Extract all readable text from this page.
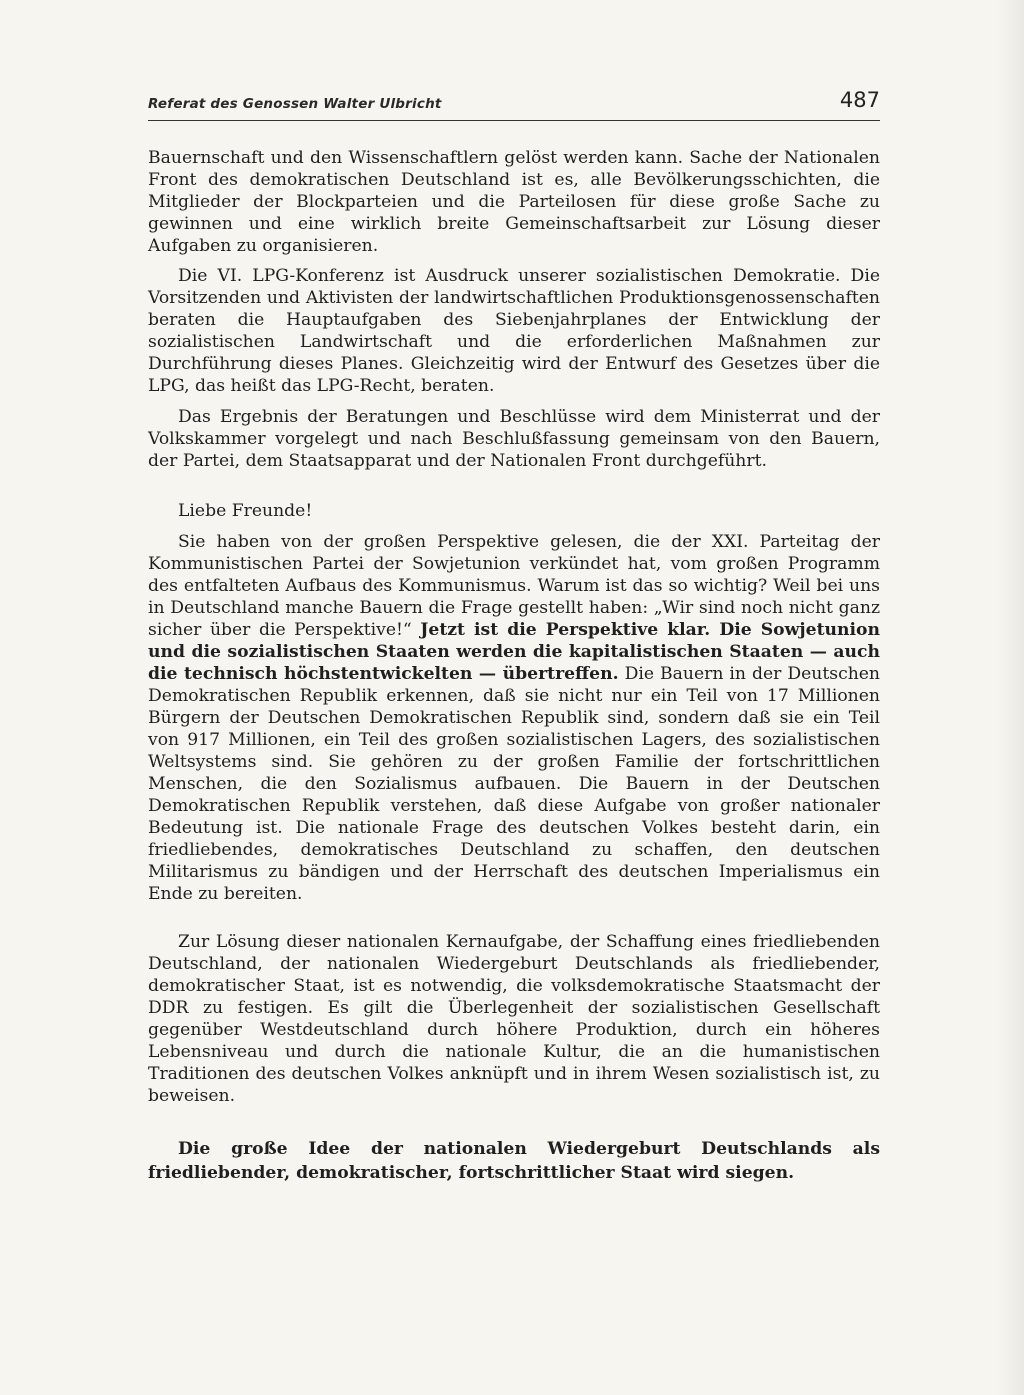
Referat des Genossen Walter Ulbricht	487

Bauernschaft und den Wissenschaftlern gelöst werden kann. Sache der Nationalen Front des demokratischen Deutschland ist es, alle Bevölkerungsschichten, die Mitglieder der Blockparteien und die Parteilosen für diese große Sache zu gewinnen und eine wirklich breite Gemeinschaftsarbeit zur Lösung dieser Aufgaben zu organisieren.

Die VI. LPG-Konferenz ist Ausdruck unserer sozialistischen Demokratie. Die Vorsitzenden und Aktivisten der landwirtschaftlichen Produktionsgenossenschaften beraten die Hauptaufgaben des Siebenjahrplanes der Entwicklung der sozialistischen Landwirtschaft und die erforderlichen Maßnahmen zur Durchführung dieses Planes. Gleichzeitig wird der Entwurf des Gesetzes über die LPG, das heißt das LPG-Recht, beraten.

Das Ergebnis der Beratungen und Beschlüsse wird dem Ministerrat und der Volkskammer vorgelegt und nach Beschlußfassung gemeinsam von den Bauern, der Partei, dem Staatsapparat und der Nationalen Front durchgeführt.

Liebe Freunde!

Sie haben von der großen Perspektive gelesen, die der XXI. Parteitag der Kommunistischen Partei der Sowjetunion verkündet hat, vom großen Programm des entfalteten Aufbaus des Kommunismus. Warum ist das so wichtig? Weil bei uns in Deutschland manche Bauern die Frage gestellt haben: „Wir sind noch nicht ganz sicher über die Perspektive!“ Jetzt ist die Perspektive klar. Die Sowjetunion und die sozialistischen Staaten werden die kapitalistischen Staaten — auch die technisch höchstentwickelten — übertreffen. Die Bauern in der Deutschen Demokratischen Republik erkennen, daß sie nicht nur ein Teil von 17 Millionen Bürgern der Deutschen Demokratischen Republik sind, sondern daß sie ein Teil von 917 Millionen, ein Teil des großen sozialistischen Lagers, des sozialistischen Weltsystems sind. Sie gehören zu der großen Familie der fortschrittlichen Menschen, die den Sozialismus aufbauen. Die Bauern in der Deutschen Demokratischen Republik verstehen, daß diese Aufgabe von großer nationaler Bedeutung ist. Die nationale Frage des deutschen Volkes besteht darin, ein friedliebendes, demokratisches Deutschland zu schaffen, den deutschen Militarismus zu bändigen und der Herrschaft des deutschen Imperialismus ein Ende zu bereiten.

Zur Lösung dieser nationalen Kernaufgabe, der Schaffung eines friedliebenden Deutschland, der nationalen Wiedergeburt Deutschlands als friedliebender, demokratischer Staat, ist es notwendig, die volksdemokratische Staatsmacht der DDR zu festigen. Es gilt die Überlegenheit der sozialistischen Gesellschaft gegenüber Westdeutschland durch höhere Produktion, durch ein höheres Lebensniveau und durch die nationale Kultur, die an die humanistischen Traditionen des deutschen Volkes anknüpft und in ihrem Wesen sozialistisch ist, zu beweisen.

Die große Idee der nationalen Wiedergeburt Deutschlands als friedliebender, demokratischer, fortschrittlicher Staat wird siegen.
